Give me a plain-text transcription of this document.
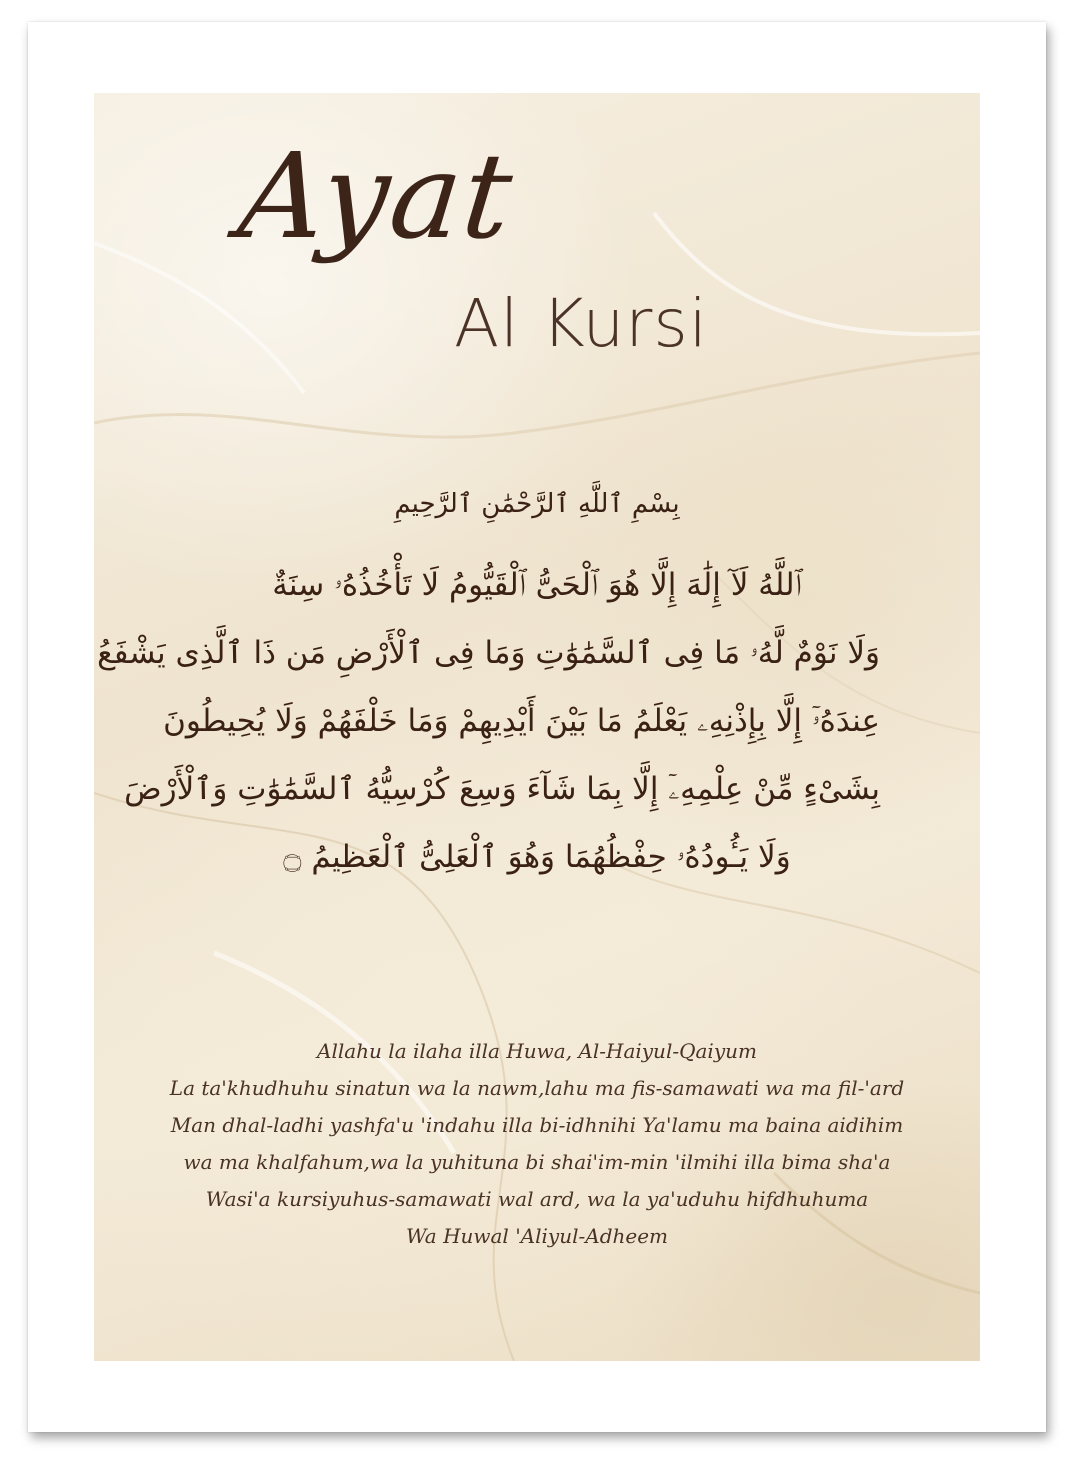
Ayat
Al Kursi
بِسْمِ ٱللَّهِ ٱلرَّحْمَٰنِ ٱلرَّحِيمِ
ٱللَّهُ لَآ إِلَٰهَ إِلَّا هُوَ ٱلْحَىُّ ٱلْقَيُّومُ لَا تَأْخُذُهُۥ سِنَةٌ
وَلَا نَوْمٌ لَّهُۥ مَا فِى ٱلسَّمَٰوَٰتِ وَمَا فِى ٱلْأَرْضِ مَن ذَا ٱلَّذِى يَشْفَعُ
عِندَهُۥٓ إِلَّا بِإِذْنِهِۦ يَعْلَمُ مَا بَيْنَ أَيْدِيهِمْ وَمَا خَلْفَهُمْ وَلَا يُحِيطُونَ
بِشَىْءٍ مِّنْ عِلْمِهِۦٓ إِلَّا بِمَا شَآءَ وَسِعَ كُرْسِيُّهُ ٱلسَّمَٰوَٰتِ وَٱلْأَرْضَ
وَلَا يَـُٔودُهُۥ حِفْظُهُمَا وَهُوَ ٱلْعَلِىُّ ٱلْعَظِيمُ ۝
Allahu la ilaha illa Huwa, Al-Haiyul-Qaiyum
La ta'khudhuhu sinatun wa la nawm,lahu ma fis-samawati wa ma fil-'ard
Man dhal-ladhi yashfa'u 'indahu illa bi-idhnihi Ya'lamu ma baina aidihim
wa ma khalfahum,wa la yuhituna bi shai'im-min 'ilmihi illa bima sha'a
Wasi'a kursiyuhus-samawati wal ard, wa la ya'uduhu hifdhuhuma
Wa Huwal 'Aliyul-Adheem
